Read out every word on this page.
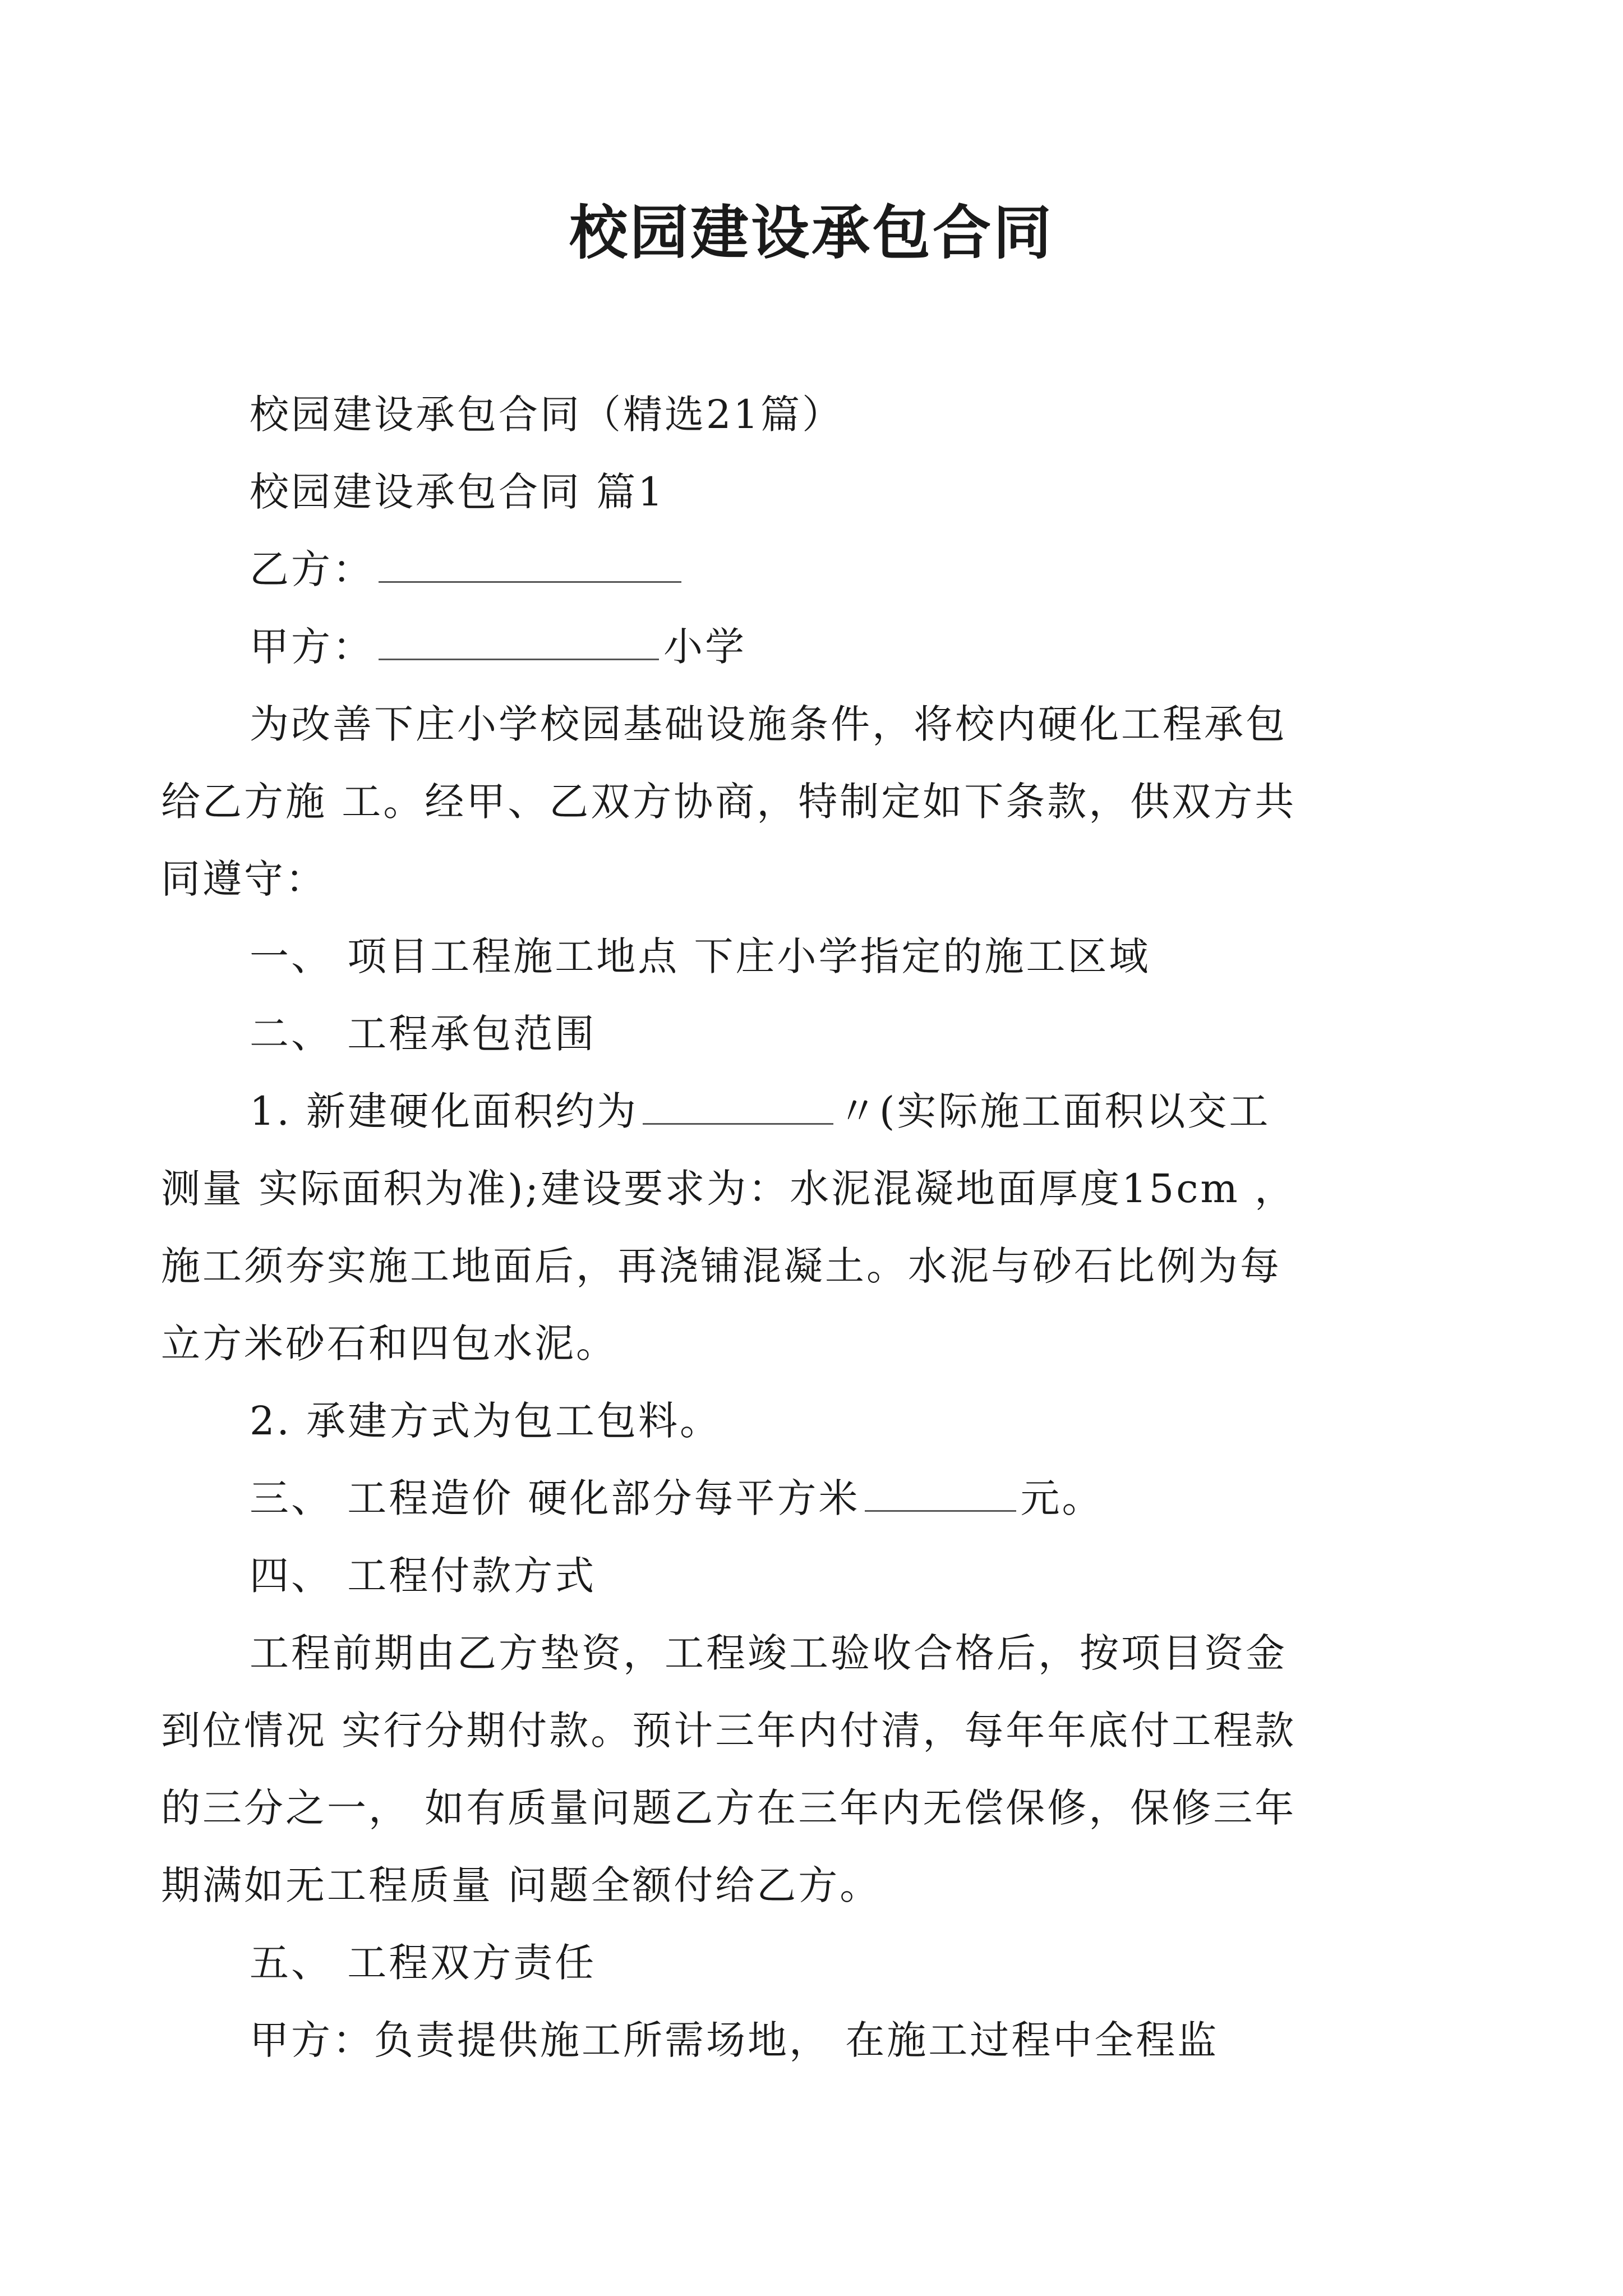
校园建设承包合同

校园建设承包合同（精选21篇）

校园建设承包合同 篇1

乙方：

甲方：	小学

为改善下庄小学校园基础设施条件，将校内硬化工程承包给乙方施 工。经甲、乙双方协商，特制定如下条款，供双方共同遵守：

一、 项目工程施工地点 下庄小学指定的施工区域

二、 工程承包范围

1. 新建硬化面积约为	〃(实际施工面积以交工测量 实际面积为准);建设要求为：水泥混凝地面厚度15cm ，施工须夯实施工地面后，再浇铺混凝土。水泥与砂石比例为每立方米砂石和四包水泥。

2. 承建方式为包工包料。

三、 工程造价 硬化部分每平方米	元。

四、 工程付款方式

工程前期由乙方垫资，工程竣工验收合格后，按项目资金 到位情况 实行分期付款。预计三年内付清，每年年底付工程款的三分之一， 如有质量问题乙方在三年内无偿保修，保修三年期满如无工程质量 问题全额付给乙方。

五、 工程双方责任

甲方：负责提供施工所需场地， 在施工过程中全程监
